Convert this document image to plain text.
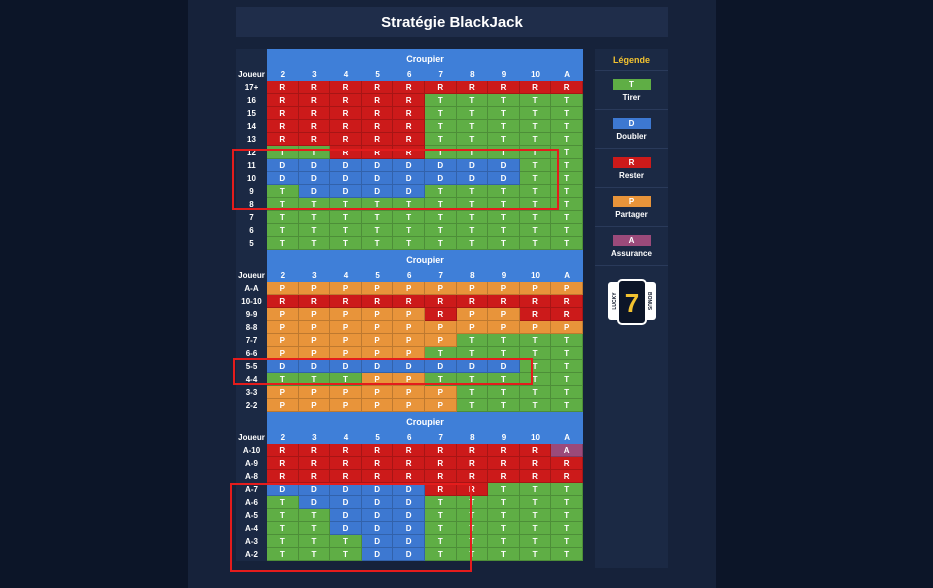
Stratégie BlackJack
Croupier
Joueur	2	3	4	5	6	7	8	9	10	A
17+	R	R	R	R	R	R	R	R	R	R
16	R	R	R	R	R	T	T	T	T	T
15	R	R	R	R	R	T	T	T	T	T
14	R	R	R	R	R	T	T	T	T	T
13	R	R	R	R	R	T	T	T	T	T
12	T	T	R	R	R	T	T	T	T	T
11	D	D	D	D	D	D	D	D	T	T
10	D	D	D	D	D	D	D	D	T	T
9	T	D	D	D	D	T	T	T	T	T
8	T	T	T	T	T	T	T	T	T	T
7	T	T	T	T	T	T	T	T	T	T
6	T	T	T	T	T	T	T	T	T	T
5	T	T	T	T	T	T	T	T	T	T
Croupier
Joueur	2	3	4	5	6	7	8	9	10	A
A-A	P	P	P	P	P	P	P	P	P	P
10-10	R	R	R	R	R	R	R	R	R	R
9-9	P	P	P	P	P	R	P	P	R	R
8-8	P	P	P	P	P	P	P	P	P	P
7-7	P	P	P	P	P	P	T	T	T	T
6-6	P	P	P	P	P	T	T	T	T	T
5-5	D	D	D	D	D	D	D	D	T	T
4-4	T	T	T	P	P	T	T	T	T	T
3-3	P	P	P	P	P	P	T	T	T	T
2-2	P	P	P	P	P	P	T	T	T	T
Croupier
Joueur	2	3	4	5	6	7	8	9	10	A
A-10	R	R	R	R	R	R	R	R	R	A
A-9	R	R	R	R	R	R	R	R	R	R
A-8	R	R	R	R	R	R	R	R	R	R
A-7	D	D	D	D	D	R	R	T	T	T
A-6	T	D	D	D	D	T	T	T	T	T
A-5	T	T	D	D	D	T	T	T	T	T
A-4	T	T	D	D	D	T	T	T	T	T
A-3	T	T	T	D	D	T	T	T	T	T
A-2	T	T	T	D	D	T	T	T	T	T
Légende
T
Tirer
D
Doubler
R
Rester
P
Partager
A
Assurance
LUCKY	BONUS
7
